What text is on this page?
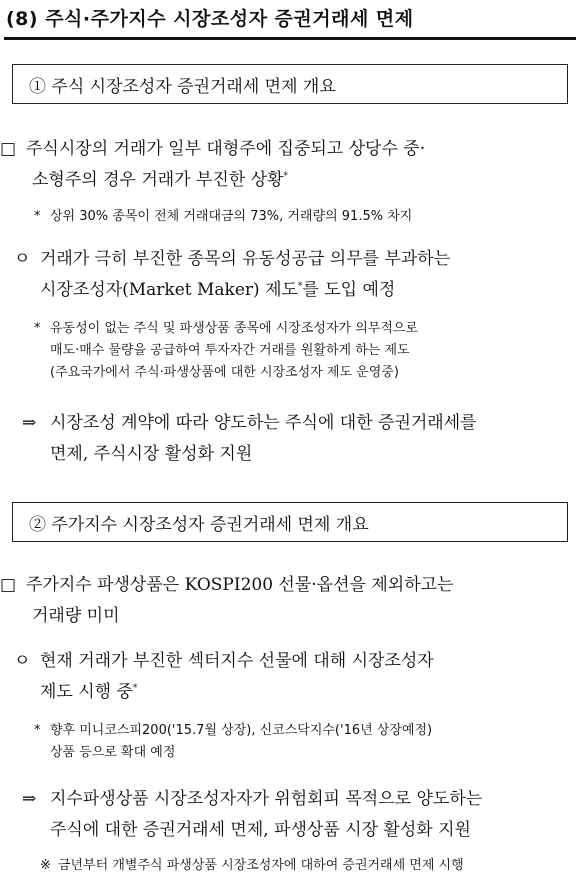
(8) 주식·주가지수 시장조성자 증권거래세 면제
① 주식 시장조성자 증권거래세 면제 개요
□ 주식시장의 거래가 일부 대형주에 집중되고 상당수 중·
소형주의 경우 거래가 부진한 상황*
* 상위 30% 종목이 전체 거래대금의 73%, 거래량의 91.5% 차지
ㅇ 거래가 극히 부진한 종목의 유동성공급 의무를 부과하는
시장조성자(Market Maker) 제도*를 도입 예정
* 유동성이 없는 주식 및 파생상품 종목에 시장조성자가 의무적으로
매도·매수 물량을 공급하여 투자자간 거래를 원활하게 하는 제도
(주요국가에서 주식·파생상품에 대한 시장조성자 제도 운영중)
⇒ 시장조성 계약에 따라 양도하는 주식에 대한 증권거래세를
면제, 주식시장 활성화 지원
② 주가지수 시장조성자 증권거래세 면제 개요
□ 주가지수 파생상품은 KOSPI200 선물·옵션을 제외하고는
거래량 미미
ㅇ 현재 거래가 부진한 섹터지수 선물에 대해 시장조성자
제도 시행 중*
* 향후 미니코스피200('15.7월 상장), 신코스닥지수('16년 상장예정)
상품 등으로 확대 예정
⇒ 지수파생상품 시장조성자자가 위험회피 목적으로 양도하는
주식에 대한 증권거래세 면제, 파생상품 시장 활성화 지원
※ 금년부터 개별주식 파생상품 시장조성자에 대하여 증권거래세 면제 시행
